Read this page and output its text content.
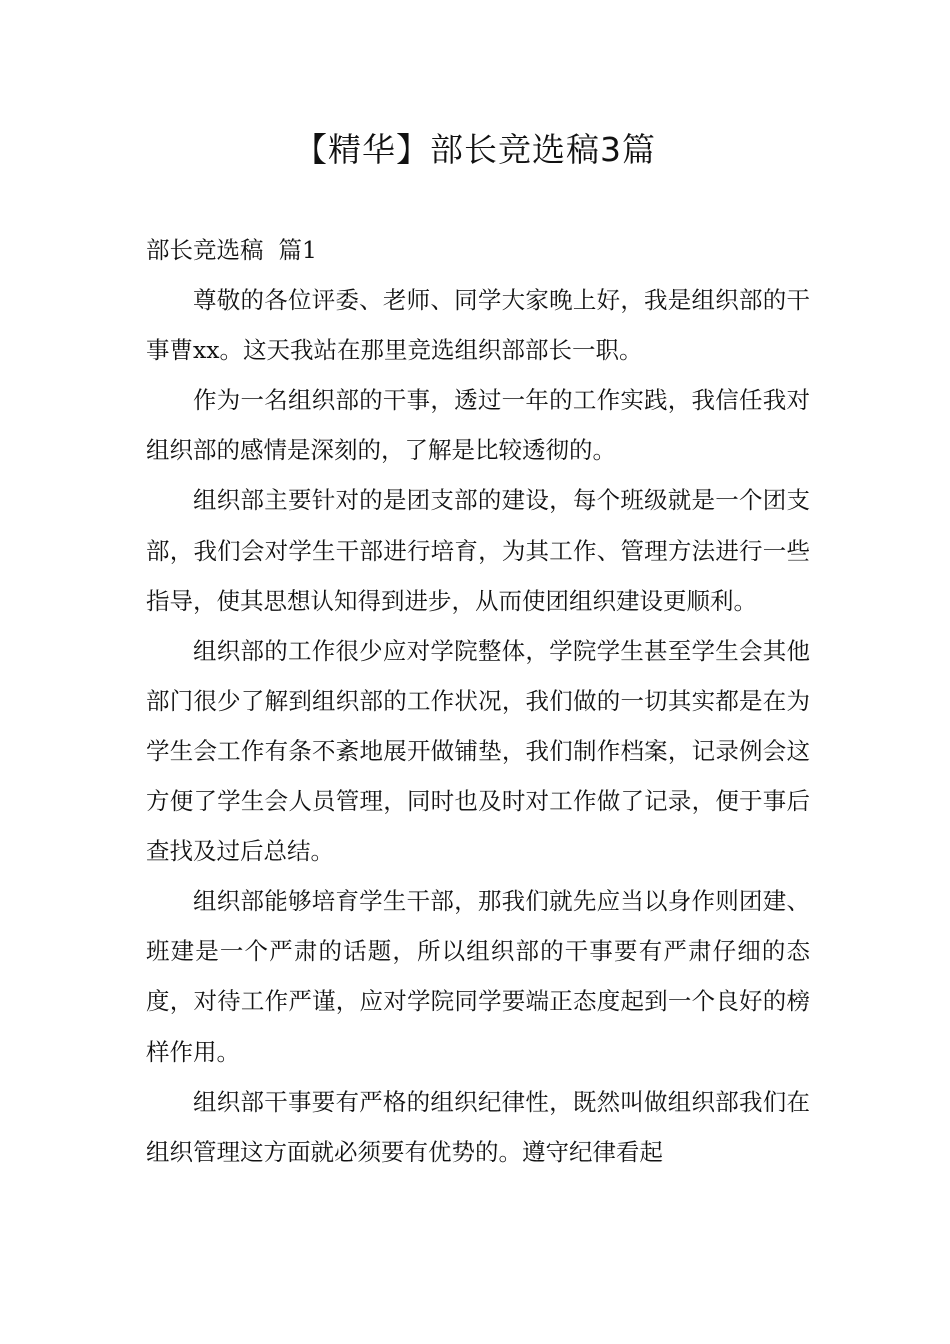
【精华】部长竞选稿3篇

部长竞选稿  篇1

尊敬的各位评委、老师、同学大家晚上好，我是组织部的干事曹xx。这天我站在那里竞选组织部部长一职。

作为一名组织部的干事，透过一年的工作实践，我信任我对组织部的感情是深刻的，了解是比较透彻的。

组织部主要针对的是团支部的建设，每个班级就是一个团支部，我们会对学生干部进行培育，为其工作、管理方法进行一些指导，使其思想认知得到进步，从而使团组织建设更顺利。

组织部的工作很少应对学院整体，学院学生甚至学生会其他部门很少了解到组织部的工作状况，我们做的一切其实都是在为学生会工作有条不紊地展开做铺垫，我们制作档案，记录例会这方便了学生会人员管理，同时也及时对工作做了记录，便于事后查找及过后总结。

组织部能够培育学生干部，那我们就先应当以身作则团建、班建是一个严肃的话题，所以组织部的干事要有严肃仔细的态度，对待工作严谨，应对学院同学要端正态度起到一个良好的榜样作用。

组织部干事要有严格的组织纪律性，既然叫做组织部我们在组织管理这方面就必须要有优势的。遵守纪律看起
